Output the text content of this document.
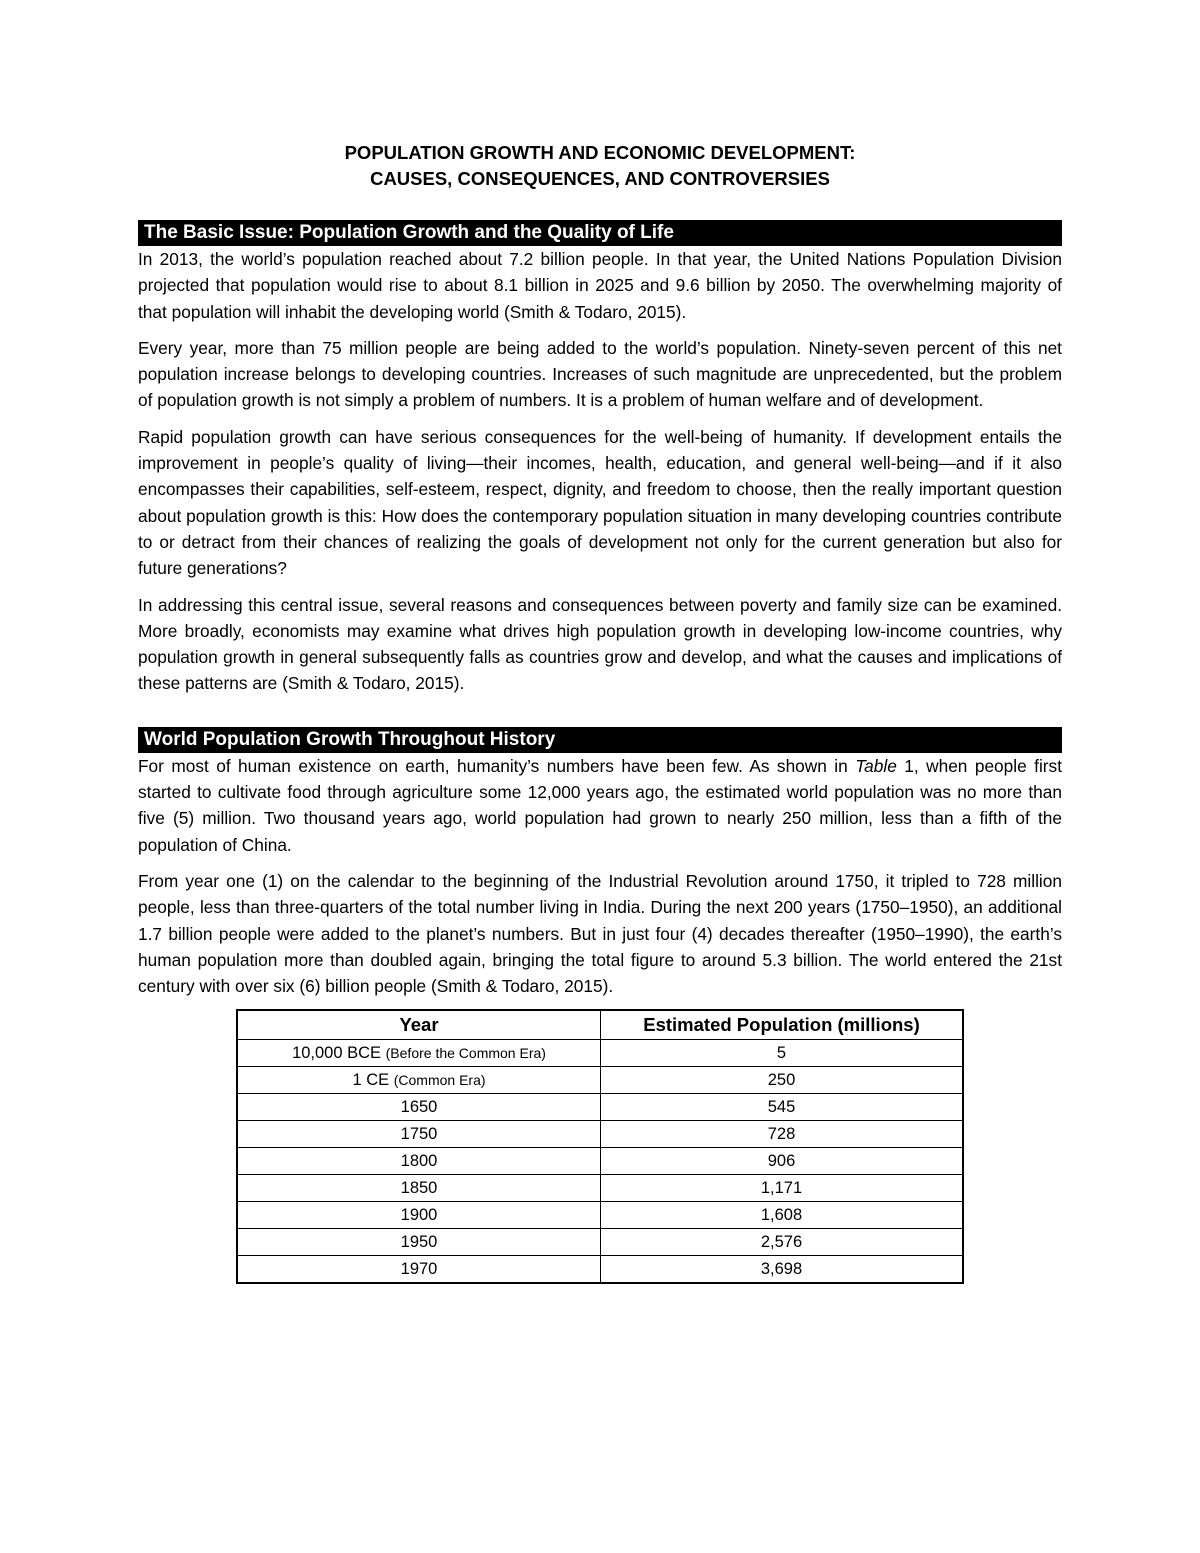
POPULATION GROWTH AND ECONOMIC DEVELOPMENT:
CAUSES, CONSEQUENCES, AND CONTROVERSIES
The Basic Issue: Population Growth and the Quality of Life

In 2013, the world’s population reached about 7.2 billion people. In that year, the United Nations Population Division projected that population would rise to about 8.1 billion in 2025 and 9.6 billion by 2050. The overwhelming majority of that population will inhabit the developing world (Smith & Todaro, 2015).

Every year, more than 75 million people are being added to the world’s population. Ninety-seven percent of this net population increase belongs to developing countries. Increases of such magnitude are unprecedented, but the problem of population growth is not simply a problem of numbers. It is a problem of human welfare and of development.

Rapid population growth can have serious consequences for the well-being of humanity. If development entails the improvement in people’s quality of living—their incomes, health, education, and general well-being—and if it also encompasses their capabilities, self-esteem, respect, dignity, and freedom to choose, then the really important question about population growth is this: How does the contemporary population situation in many developing countries contribute to or detract from their chances of realizing the goals of development not only for the current generation but also for future generations?

In addressing this central issue, several reasons and consequences between poverty and family size can be examined. More broadly, economists may examine what drives high population growth in developing low-income countries, why population growth in general subsequently falls as countries grow and develop, and what the causes and implications of these patterns are (Smith & Todaro, 2015).

World Population Growth Throughout History

For most of human existence on earth, humanity’s numbers have been few. As shown in Table 1, when people first started to cultivate food through agriculture some 12,000 years ago, the estimated world population was no more than five (5) million. Two thousand years ago, world population had grown to nearly 250 million, less than a fifth of the population of China.

From year one (1) on the calendar to the beginning of the Industrial Revolution around 1750, it tripled to 728 million people, less than three-quarters of the total number living in India. During the next 200 years (1750–1950), an additional 1.7 billion people were added to the planet’s numbers. But in just four (4) decades thereafter (1950–1990), the earth’s human population more than doubled again, bringing the total figure to around 5.3 billion. The world entered the 21st century with over six (6) billion people (Smith & Todaro, 2015).

Year	Estimated Population (millions)
10,000 BCE (Before the Common Era)	5
1 CE (Common Era)	250
1650	545
1750	728
1800	906
1850	1,171
1900	1,608
1950	2,576
1970	3,698
